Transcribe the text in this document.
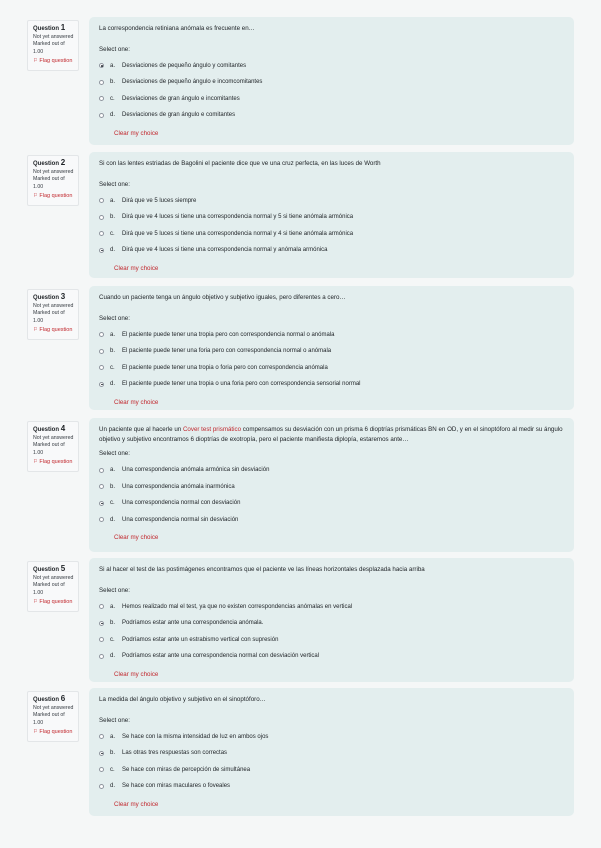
Question 1
Not yet answered
Marked out of
1.00
⚐ Flag question
La correspondencia retiniana anómala es frecuente en…
Select one:
a.	Desviaciones de pequeño ángulo y comitantes
b.	Desviaciones de pequeño ángulo e incomcomitantes
c.	Desviaciones de gran ángulo e incomitantes
d.	Desviaciones de gran ángulo e comitantes
Clear my choice
Question 2
Not yet answered
Marked out of
1.00
⚐ Flag question
Si con las lentes estriadas de Bagolini el paciente dice que ve una cruz perfecta, en las luces de Worth
Select one:
a.	Dirá que ve 5 luces siempre
b.	Dirá que ve 4 luces si tiene una correspondencia normal y 5 si tiene anómala armónica
c.	Dirá que ve 5 luces si tiene una correspondencia normal y 4 si tiene anómala armónica
d.	Dirá que ve 4 luces si tiene una correspondencia normal y anómala armónica
Clear my choice
Question 3
Not yet answered
Marked out of
1.00
⚐ Flag question
Cuando un paciente tenga un ángulo objetivo y subjetivo iguales, pero diferentes a cero…
Select one:
a.	El paciente puede tener una tropia pero con correspondencia normal o anómala
b.	El paciente puede tener una foria pero con correspondencia normal o anómala
c.	El paciente puede tener una tropia o foria pero con correspondencia anómala
d.	El paciente puede tener una tropia o una foria pero con correspondencia sensorial normal
Clear my choice
Question 4
Not yet answered
Marked out of
1.00
⚐ Flag question
Un paciente que al hacerle un Cover test prismático compensamos su desviación con un prisma 6 dioptrías prismáticas BN en OD, y en el sinoptóforo al medir su ángulo objetivo y subjetivo encontramos 6 dioptrías de exotropía, pero el paciente manifiesta diplopía, estaremos ante…
Select one:
a.	Una correspondencia anómala armónica sin desviación
b.	Una correspondencia anómala inarmónica
c.	Una correspondencia normal con desviación
d.	Una correspondencia normal sin desviación
Clear my choice
Question 5
Not yet answered
Marked out of
1.00
⚐ Flag question
Si al hacer el test de las postimágenes encontramos que el paciente ve las líneas horizontales desplazada hacia arriba
Select one:
a.	Hemos realizado mal el test, ya que no existen correspondencias anómalas en vertical
b.	Podríamos estar ante una correspondencia anómala.
c.	Podríamos estar ante un estrabismo vertical con supresión
d.	Podríamos estar ante una correspondencia normal con desviación vertical
Clear my choice
Question 6
Not yet answered
Marked out of
1.00
⚐ Flag question
La medida del ángulo objetivo y subjetivo en el sinoptóforo…
Select one:
a.	Se hace con la misma intensidad de luz en ambos ojos
b.	Las otras tres respuestas son correctas
c.	Se hace con miras de percepción de simultánea
d.	Se hace con miras maculares o foveales
Clear my choice
